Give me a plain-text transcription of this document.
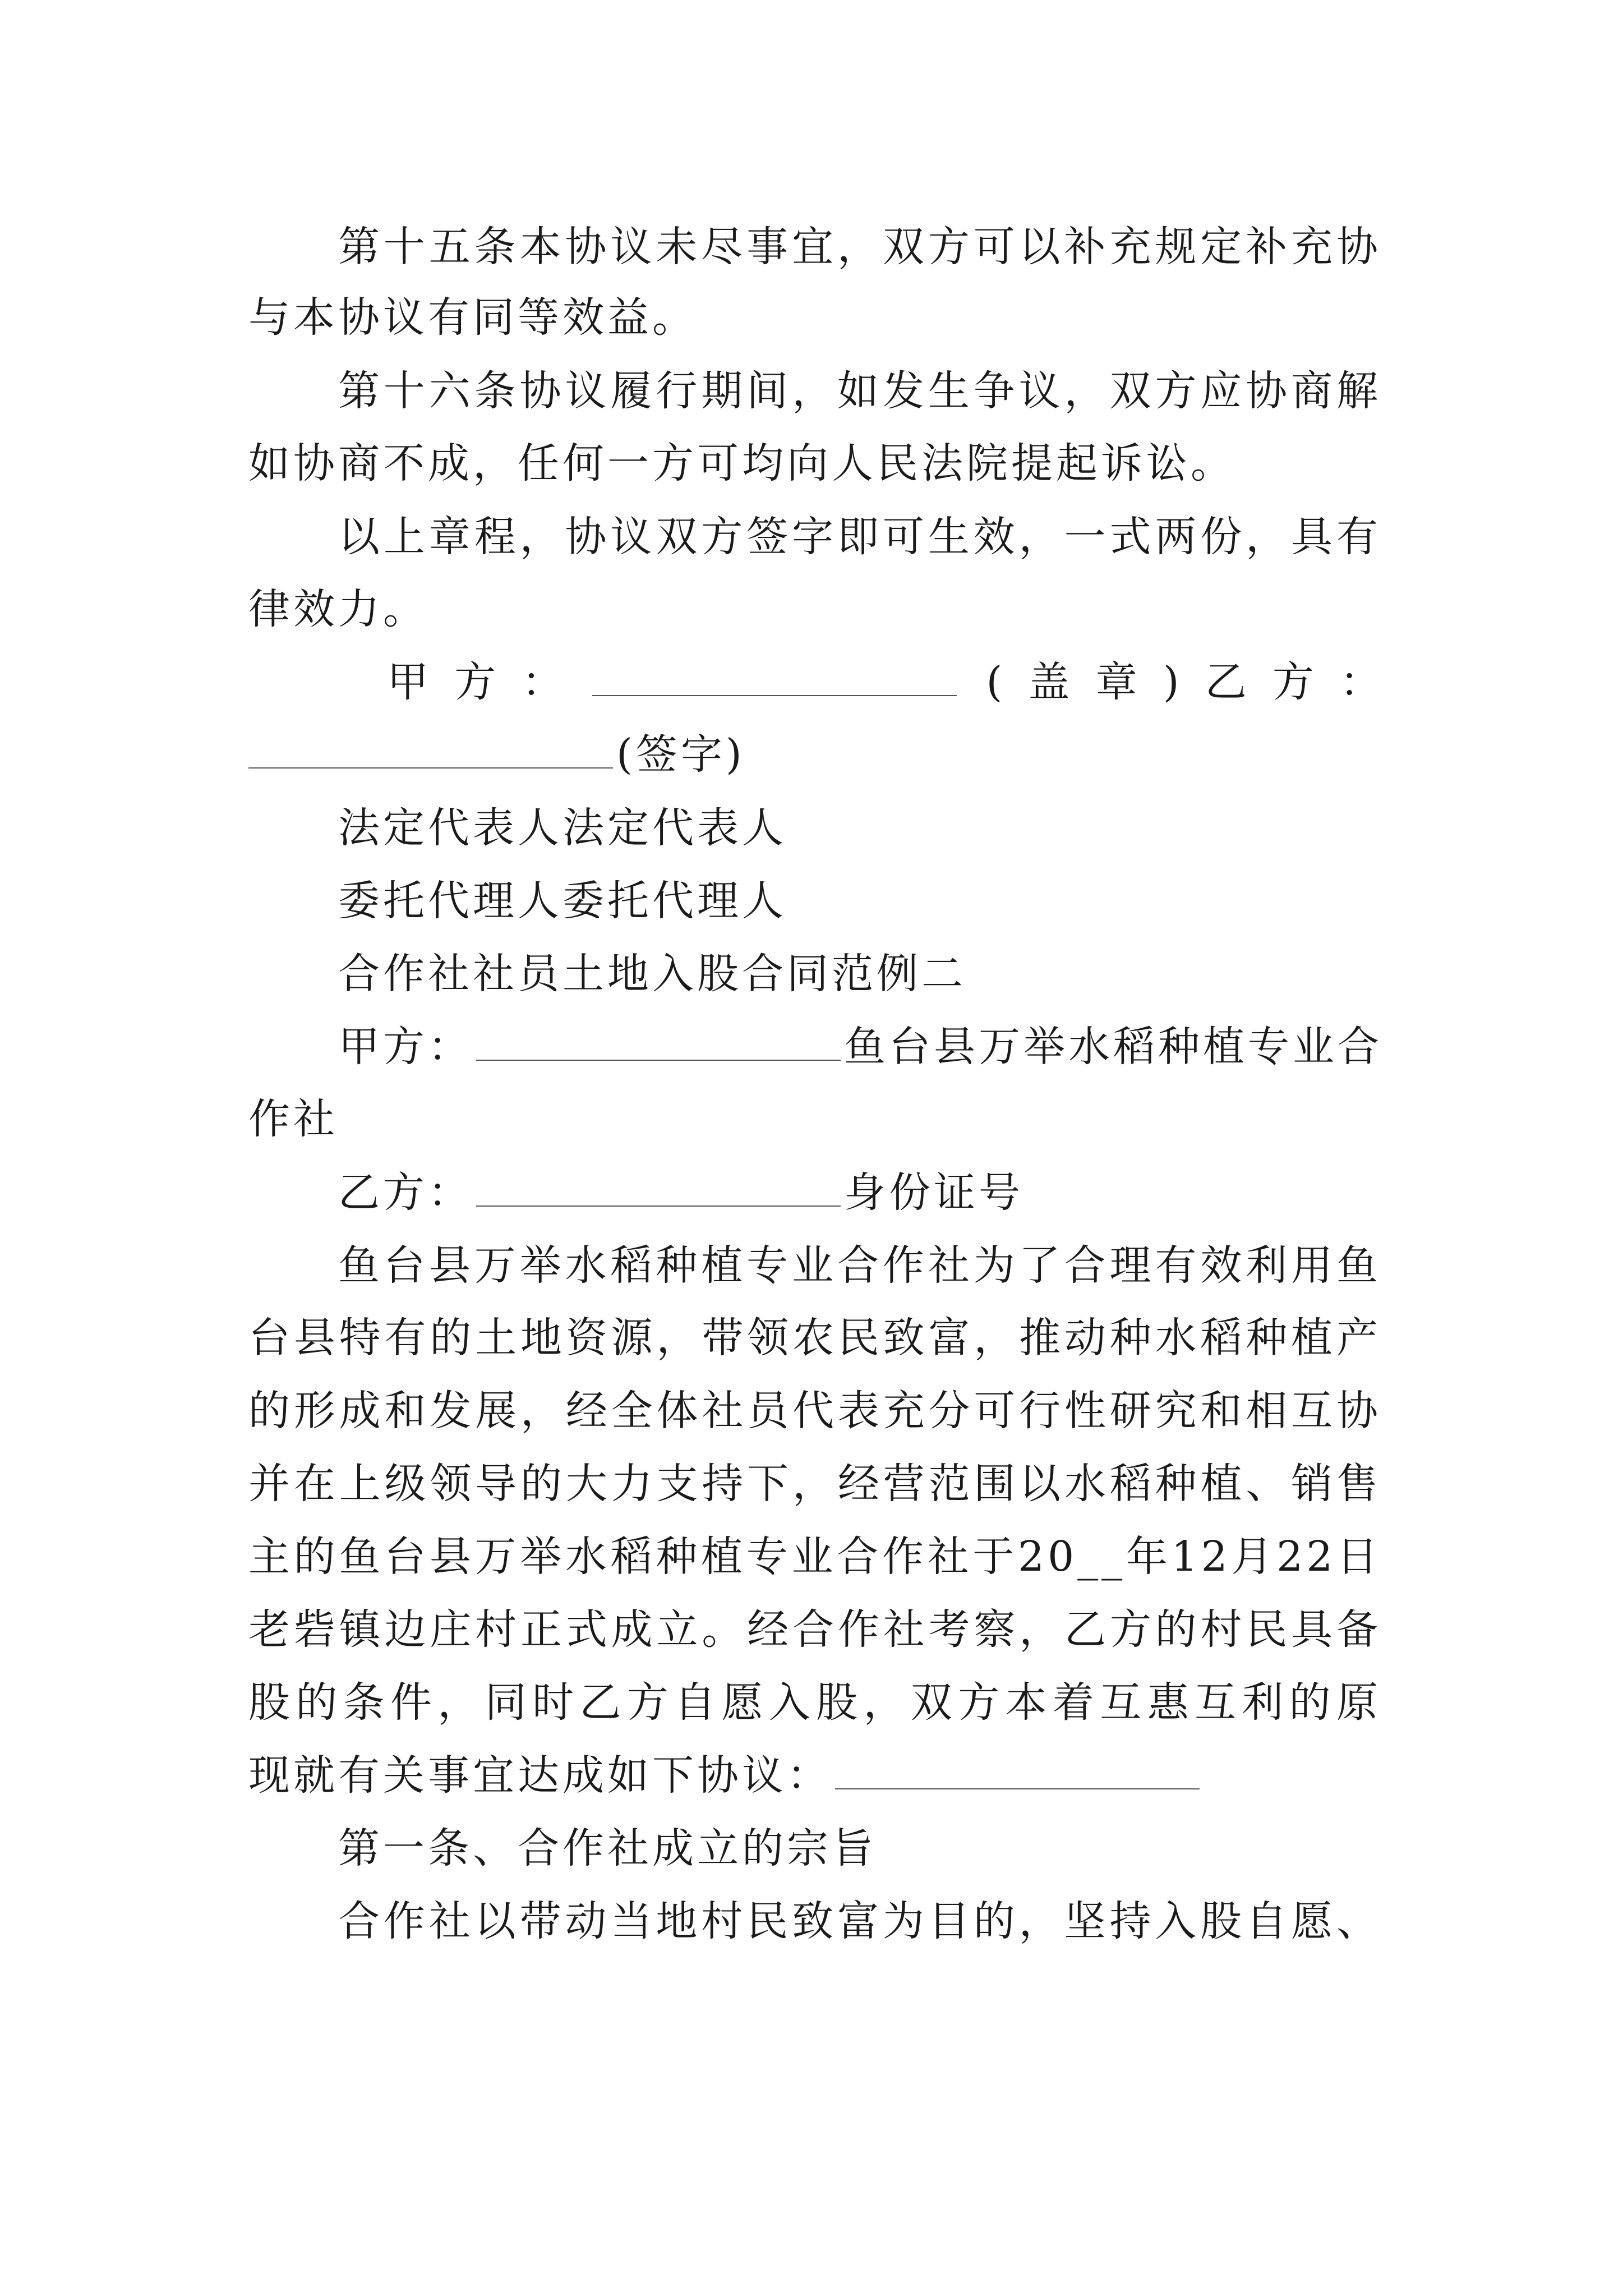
第十五条本协议未尽事宜，双方可以补充规定补充协
与本协议有同等效益。
第十六条协议履行期间，如发生争议，双方应协商解
如协商不成，任何一方可均向人民法院提起诉讼。
以上章程，协议双方签字即可生效，一式两份，具有
律效力。
甲 方 ：	( 盖 章 ) 乙 方 ：
(签字)
法定代表人法定代表人
委托代理人委托代理人
合作社社员土地入股合同范例二
甲方：	鱼台县万举水稻种植专业合
作社
乙方：	身份证号
鱼台县万举水稻种植专业合作社为了合理有效利用鱼
台县特有的土地资源，带领农民致富，推动种水稻种植产
的形成和发展，经全体社员代表充分可行性研究和相互协
并在上级领导的大力支持下，经营范围以水稻种植、销售
主的鱼台县万举水稻种植专业合作社于20__年12月22日
老砦镇边庄村正式成立。经合作社考察，乙方的村民具备
股的条件，同时乙方自愿入股，双方本着互惠互利的原
现就有关事宜达成如下协议：
第一条、合作社成立的宗旨
合作社以带动当地村民致富为目的，坚持入股自愿、
